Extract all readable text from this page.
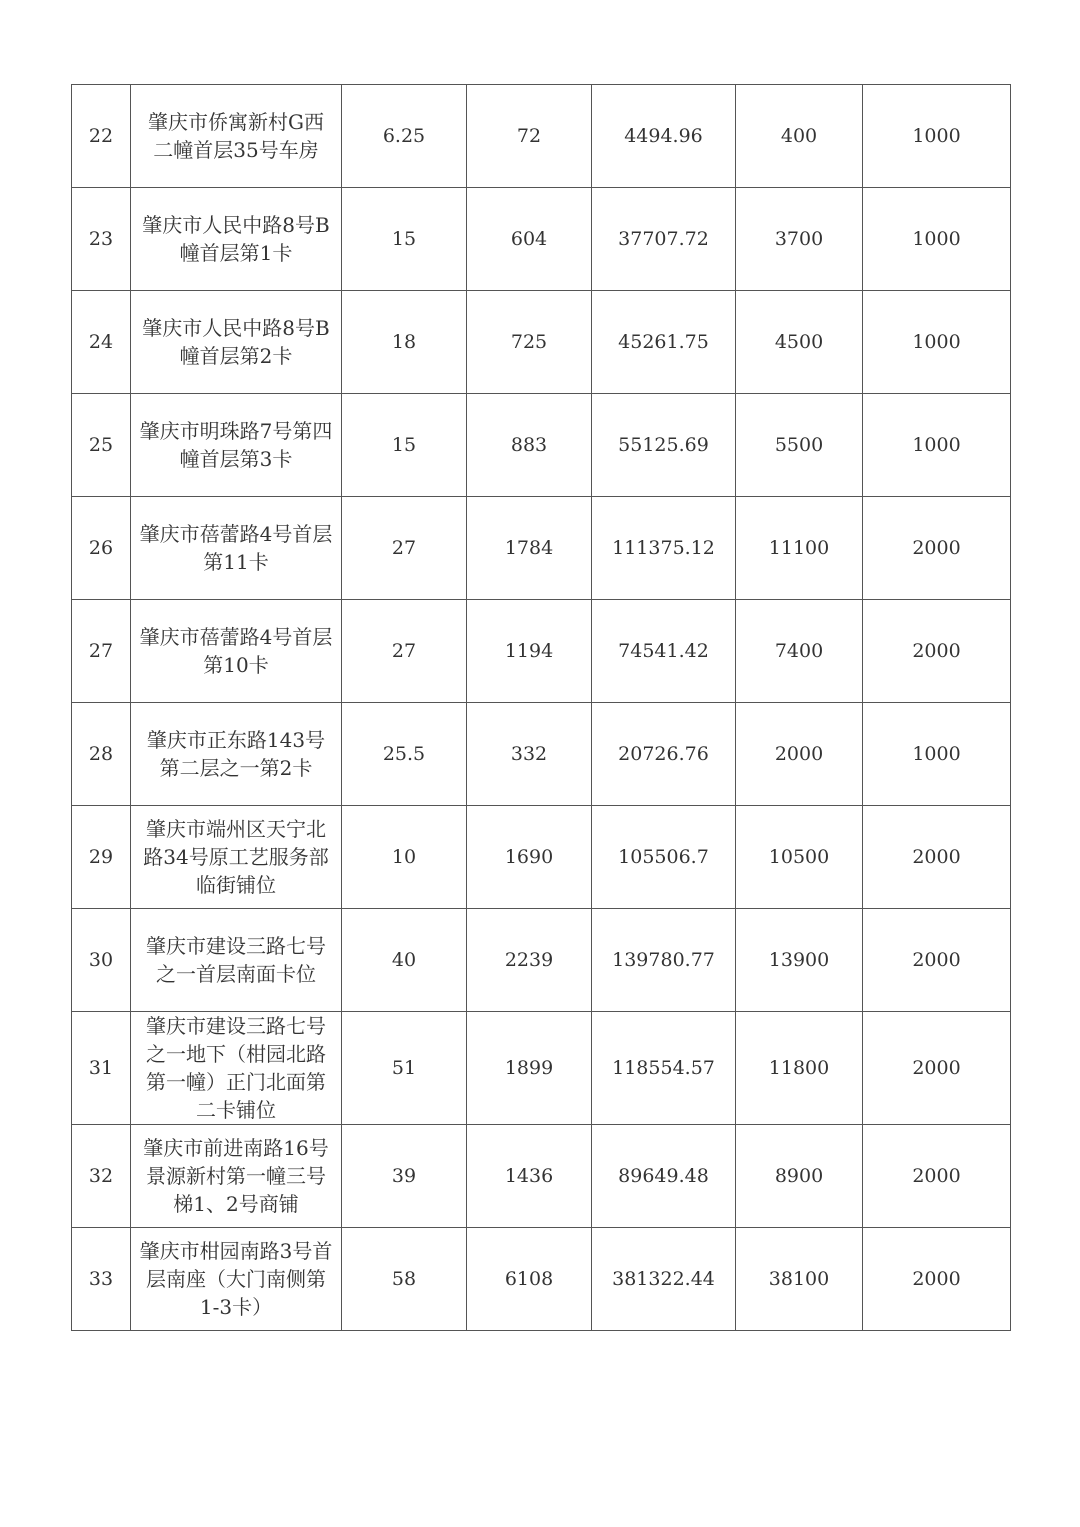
22	肇庆市侨寓新村G西二幢首层35号车房	6.25	72	4494.96	400	1000
23	肇庆市人民中路8号B幢首层第1卡	15	604	37707.72	3700	1000
24	肇庆市人民中路8号B幢首层第2卡	18	725	45261.75	4500	1000
25	肇庆市明珠路7号第四幢首层第3卡	15	883	55125.69	5500	1000
26	肇庆市蓓蕾路4号首层第11卡	27	1784	111375.12	11100	2000
27	肇庆市蓓蕾路4号首层第10卡	27	1194	74541.42	7400	2000
28	肇庆市正东路143号第二层之一第2卡	25.5	332	20726.76	2000	1000
29	肇庆市端州区天宁北路34号原工艺服务部临街铺位	10	1690	105506.7	10500	2000
30	肇庆市建设三路七号之一首层南面卡位	40	2239	139780.77	13900	2000
31	肇庆市建设三路七号之一地下（柑园北路第一幢）正门北面第二卡铺位	51	1899	118554.57	11800	2000
32	肇庆市前进南路16号景源新村第一幢三号梯1、2号商铺	39	1436	89649.48	8900	2000
33	肇庆市柑园南路3号首层南座（大门南侧第1-3卡）	58	6108	381322.44	38100	2000
